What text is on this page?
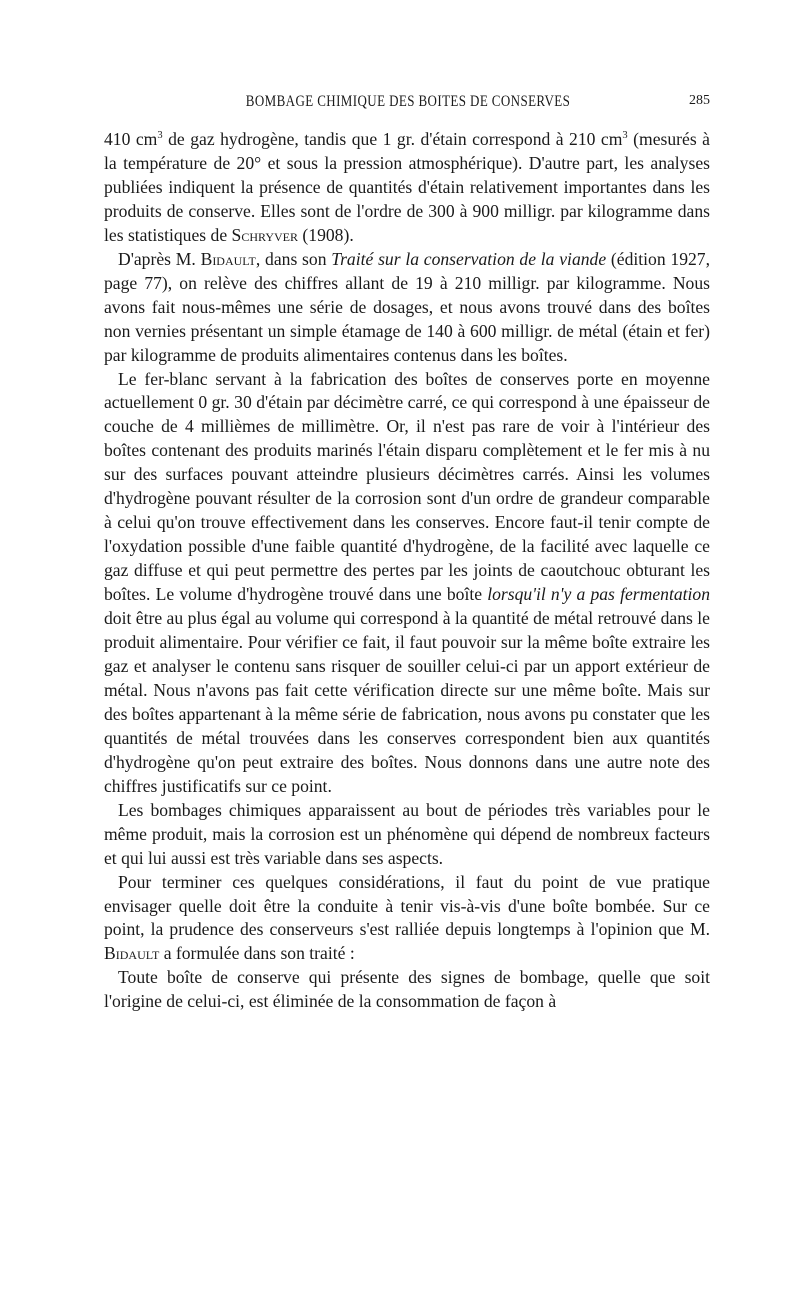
BOMBAGE CHIMIQUE DES BOITES DE CONSERVES	285

410 $cm^3$ de gaz hydrogène, tandis que 1 gr. d'étain correspond à 210 $cm^3$ (mesurés à la température de 20° et sous la pression atmosphérique). D'autre part, les analyses publiées indiquent la présence de quantités d'étain relativement importantes dans les produits de conserve. Elles sont de l'ordre de 300 à 900 milligr. par kilogramme dans les statistiques de Schryver (1908).

D'après M. Bidault, dans son Traité sur la conservation de la viande (édition 1927, page 77), on relève des chiffres allant de 19 à 210 milligr. par kilogramme. Nous avons fait nous-mêmes une série de dosages, et nous avons trouvé dans des boîtes non vernies présentant un simple étamage de 140 à 600 milligr. de métal (étain et fer) par kilogramme de produits alimentaires contenus dans les boîtes.

Le fer-blanc servant à la fabrication des boîtes de conserves porte en moyenne actuellement 0 gr. 30 d'étain par décimètre carré, ce qui correspond à une épaisseur de couche de 4 millièmes de millimètre. Or, il n'est pas rare de voir à l'intérieur des boîtes contenant des produits marinés l'étain disparu complètement et le fer mis à nu sur des surfaces pouvant atteindre plusieurs décimètres carrés. Ainsi les volumes d'hydrogène pouvant résulter de la corrosion sont d'un ordre de grandeur comparable à celui qu'on trouve effectivement dans les conserves. Encore faut-il tenir compte de l'oxydation possible d'une faible quantité d'hydrogène, de la facilité avec laquelle ce gaz diffuse et qui peut permettre des pertes par les joints de caoutchouc obturant les boîtes. Le volume d'hydrogène trouvé dans une boîte lorsqu'il n'y a pas fermentation doit être au plus égal au volume qui correspond à la quantité de métal retrouvé dans le produit alimentaire. Pour vérifier ce fait, il faut pouvoir sur la même boîte extraire les gaz et analyser le contenu sans risquer de souiller celui-ci par un apport extérieur de métal. Nous n'avons pas fait cette vérification directe sur une même boîte. Mais sur des boîtes appartenant à la même série de fabrication, nous avons pu constater que les quantités de métal trouvées dans les conserves correspondent bien aux quantités d'hydrogène qu'on peut extraire des boîtes. Nous donnons dans une autre note des chiffres justificatifs sur ce point.

Les bombages chimiques apparaissent au bout de périodes très variables pour le même produit, mais la corrosion est un phénomène qui dépend de nombreux facteurs et qui lui aussi est très variable dans ses aspects.

Pour terminer ces quelques considérations, il faut du point de vue pratique envisager quelle doit être la conduite à tenir vis-à-vis d'une boîte bombée. Sur ce point, la prudence des conserveurs s'est ralliée depuis longtemps à l'opinion que M. Bidault a formulée dans son traité :

Toute boîte de conserve qui présente des signes de bombage, quelle que soit l'origine de celui-ci, est éliminée de la consommation de façon à
